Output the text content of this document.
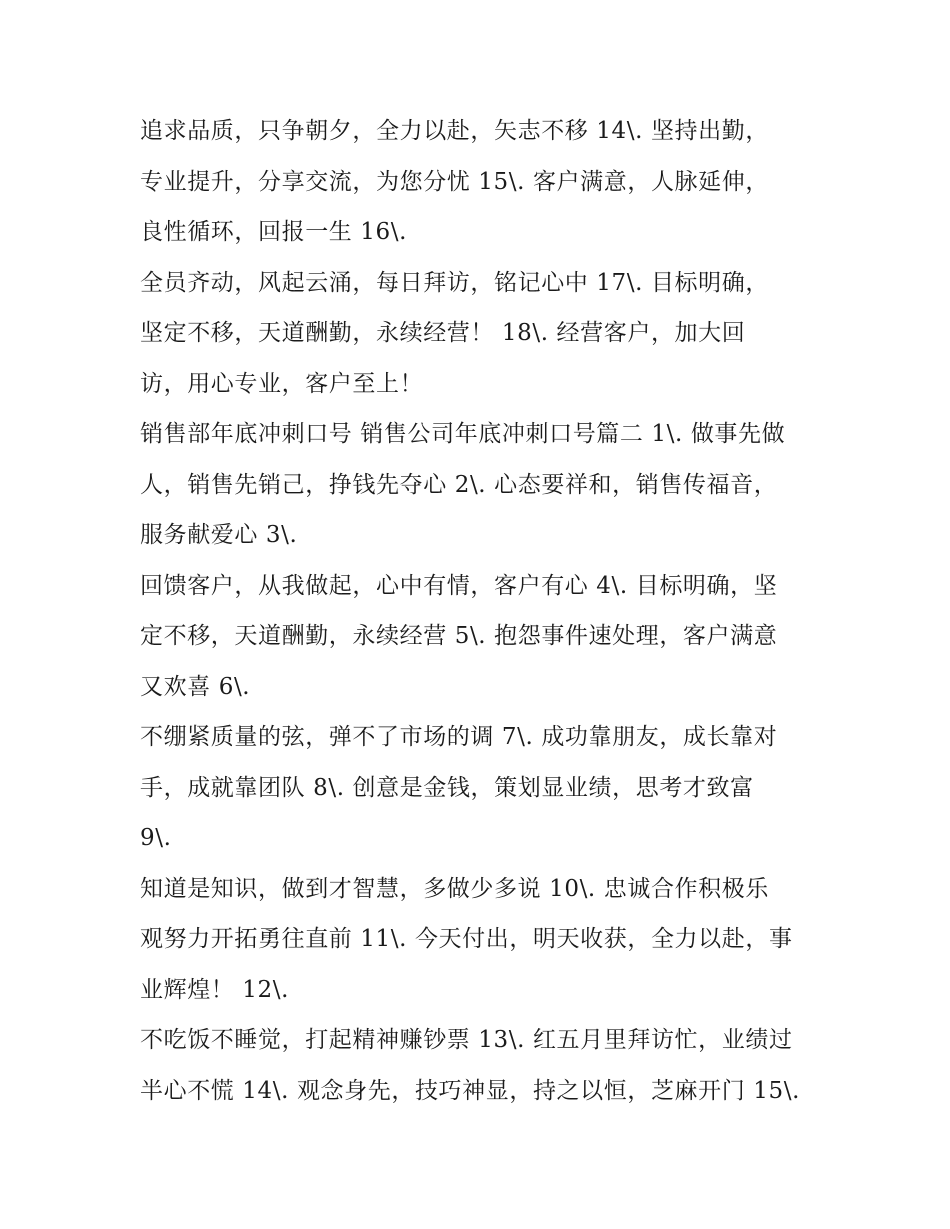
追求品质，只争朝夕，全力以赴，矢志不移 14\. 坚持出勤，
专业提升，分享交流，为您分忧 15\. 客户满意，人脉延伸，
良性循环，回报一生 16\.
全员齐动，风起云涌，每日拜访，铭记心中 17\. 目标明确，
坚定不移，天道酬勤，永续经营！ 18\. 经营客户，加大回
访，用心专业，客户至上！
销售部年底冲刺口号 销售公司年底冲刺口号篇二 1\. 做事先做
人，销售先销己，挣钱先夺心 2\. 心态要祥和，销售传福音，
服务献爱心 3\.
回馈客户，从我做起，心中有情，客户有心 4\. 目标明确，坚
定不移，天道酬勤，永续经营 5\. 抱怨事件速处理，客户满意
又欢喜 6\.
不绷紧质量的弦，弹不了市场的调 7\. 成功靠朋友，成长靠对
手，成就靠团队 8\. 创意是金钱，策划显业绩，思考才致富
9\.
知道是知识，做到才智慧，多做少多说 10\. 忠诚合作积极乐
观努力开拓勇往直前 11\. 今天付出，明天收获，全力以赴，事
业辉煌！ 12\.
不吃饭不睡觉，打起精神赚钞票 13\. 红五月里拜访忙，业绩过
半心不慌 14\. 观念身先，技巧神显，持之以恒，芝麻开门 15\.
